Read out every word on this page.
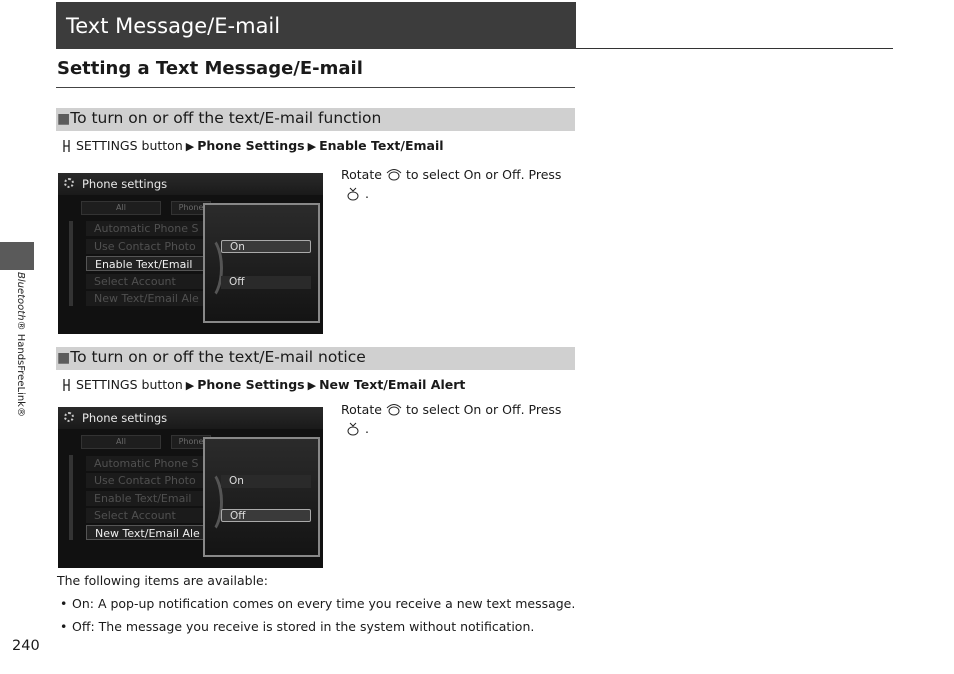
Text Message/E-mail
Setting a Text Message/E-mail
Bluetooth® HandsFreeLink®
■To turn on or off the text/E-mail function
SETTINGS button ▶ Phone Settings ▶ Enable Text/Email
Rotate to select On or Off. Press
.
Phone settings
All	Phone
Automatic Phone S
Use Contact Photo
Enable Text/Email
Select Account
New Text/Email Ale
On
Off
■To turn on or off the text/E-mail notice
SETTINGS button ▶ Phone Settings ▶ New Text/Email Alert
Rotate to select On or Off. Press
.
Phone settings
All	Phone
Automatic Phone S
Use Contact Photo
Enable Text/Email
Select Account
New Text/Email Ale
On
Off
The following items are available:
• On: A pop-up notification comes on every time you receive a new text message.
• Off: The message you receive is stored in the system without notification.
240
